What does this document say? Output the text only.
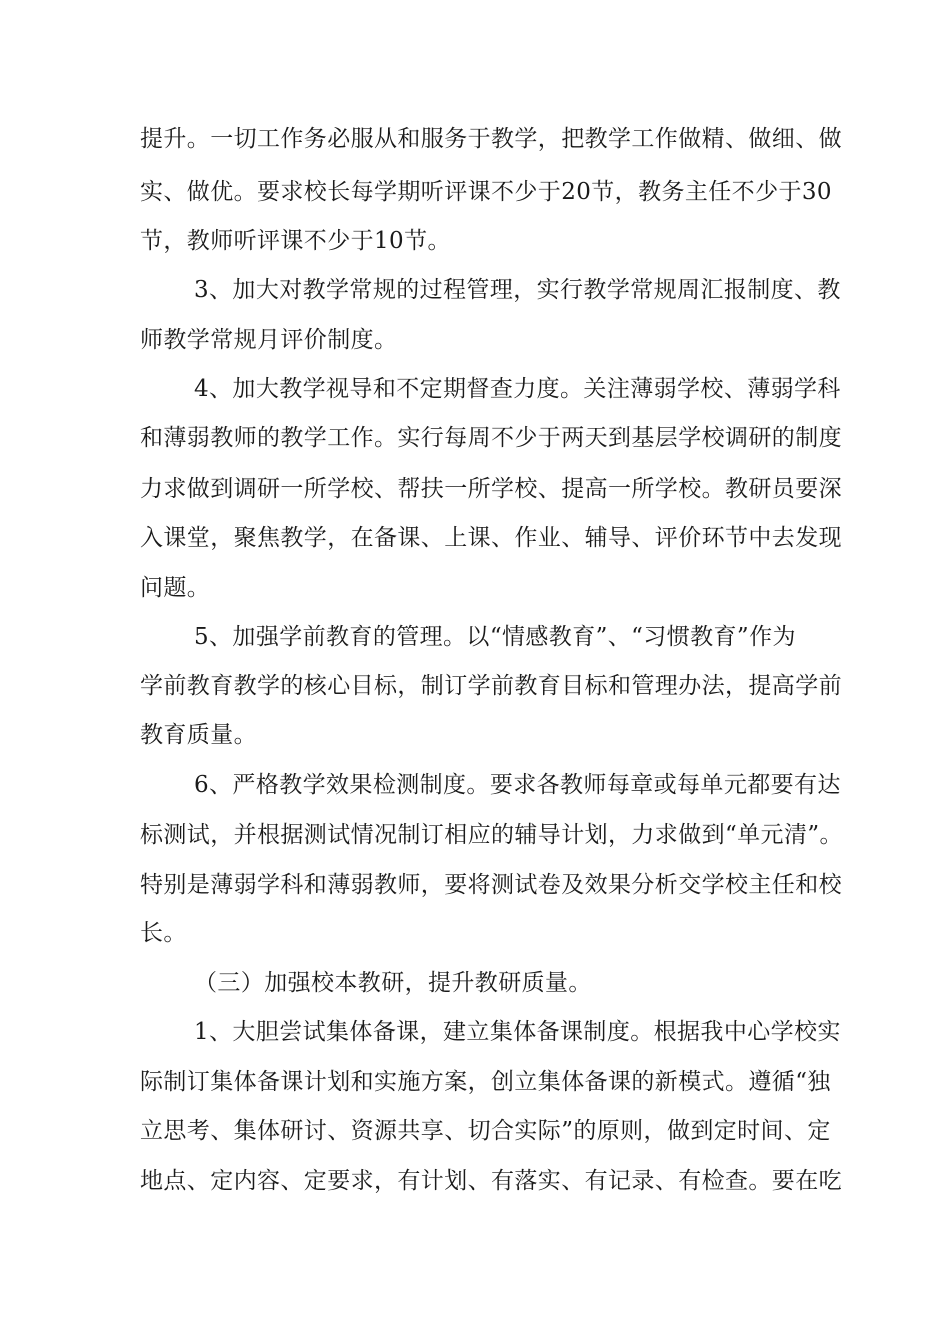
提升。一切工作务必服从和服务于教学，把教学工作做精、做细、做
实、做优。要求校长每学期听评课不少于20节，教务主任不少于30
节，教师听评课不少于10节。
3、加大对教学常规的过程管理，实行教学常规周汇报制度、教
师教学常规月评价制度。
4、加大教学视导和不定期督查力度。关注薄弱学校、薄弱学科
和薄弱教师的教学工作。实行每周不少于两天到基层学校调研的制度
力求做到调研一所学校、帮扶一所学校、提高一所学校。教研员要深
入课堂，聚焦教学，在备课、上课、作业、辅导、评价环节中去发现
问题。
5、加强学前教育的管理。以“情感教育”、“习惯教育”作为
学前教育教学的核心目标，制订学前教育目标和管理办法，提高学前
教育质量。
6、严格教学效果检测制度。要求各教师每章或每单元都要有达
标测试，并根据测试情况制订相应的辅导计划，力求做到“单元清”。
特别是薄弱学科和薄弱教师，要将测试卷及效果分析交学校主任和校
长。
（三）加强校本教研，提升教研质量。
1、大胆尝试集体备课，建立集体备课制度。根据我中心学校实
际制订集体备课计划和实施方案，创立集体备课的新模式。遵循“独
立思考、集体研讨、资源共享、切合实际”的原则，做到定时间、定
地点、定内容、定要求，有计划、有落实、有记录、有检查。要在吃
